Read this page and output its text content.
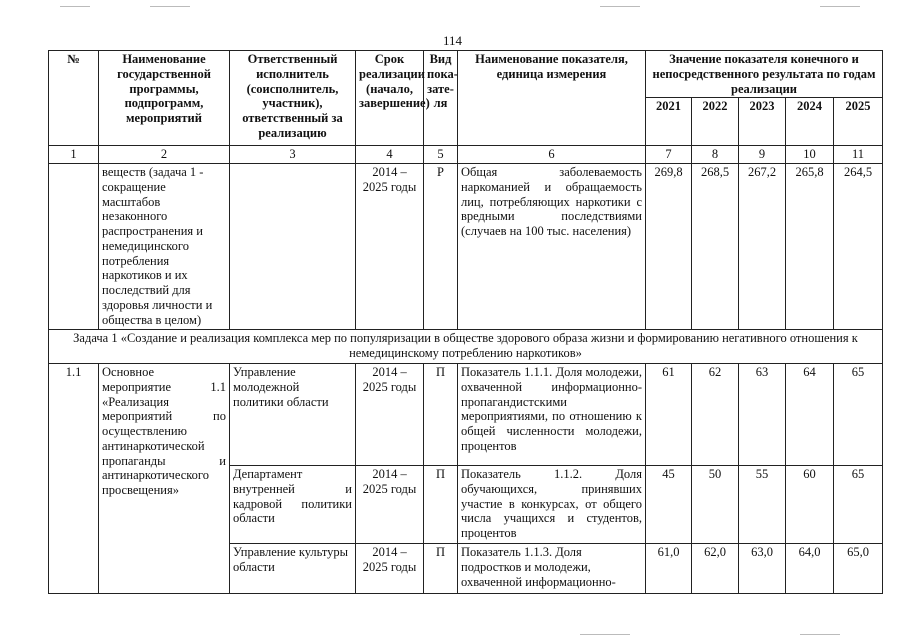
114
№	Наименование государственной программы, подпрограмм, мероприятий	Ответственный исполнитель (соисполнитель, участник), ответственный за реализацию	Срок реализации (начало, завершение)	Вид пока-зате-ля	Наименование показателя, единица измерения	Значение показателя конечного и непосредственного результата по годам реализации				
						2021	2022	2023	2024	2025
1	2	3	4	5	6	7	8	9	10	11
	веществ (задача 1 - сокращение масштабов незаконного распространения и немедицинского потребления наркотиков и их последствий для здоровья личности и общества в целом)		2014 – 2025 годы	Р	Общая заболеваемость наркоманией и обращаемость лиц, потребляющих наркотики с вредными последствиями (случаев на 100 тыс. населения)	269,8	268,5	267,2	265,8	264,5
Задача 1 «Создание и реализация комплекса мер по популяризации в обществе здорового образа жизни и формированию негативного отношения к немедицинскому потреблению наркотиков»										
1.1	Основное мероприятие 1.1 «Реализация мероприятий по осуществлению антинаркотической пропаганды и антинаркотического просвещения»	Управление молодежной политики области	2014 – 2025 годы	П	Показатель 1.1.1. Доля молодежи, охваченной информационно-пропагандистскими мероприятиями, по отношению к общей численности молодежи, процентов	61	62	63	64	65
		Департамент внутренней и кадровой политики области	2014 – 2025 годы	П	Показатель 1.1.2. Доля обучающихся, принявших участие в конкурсах, от общего числа учащихся и студентов, процентов	45	50	55	60	65
		Управление культуры области	2014 – 2025 годы	П	Показатель 1.1.3. Доля подростков и молодежи, охваченной информационно-	61,0	62,0	63,0	64,0	65,0
